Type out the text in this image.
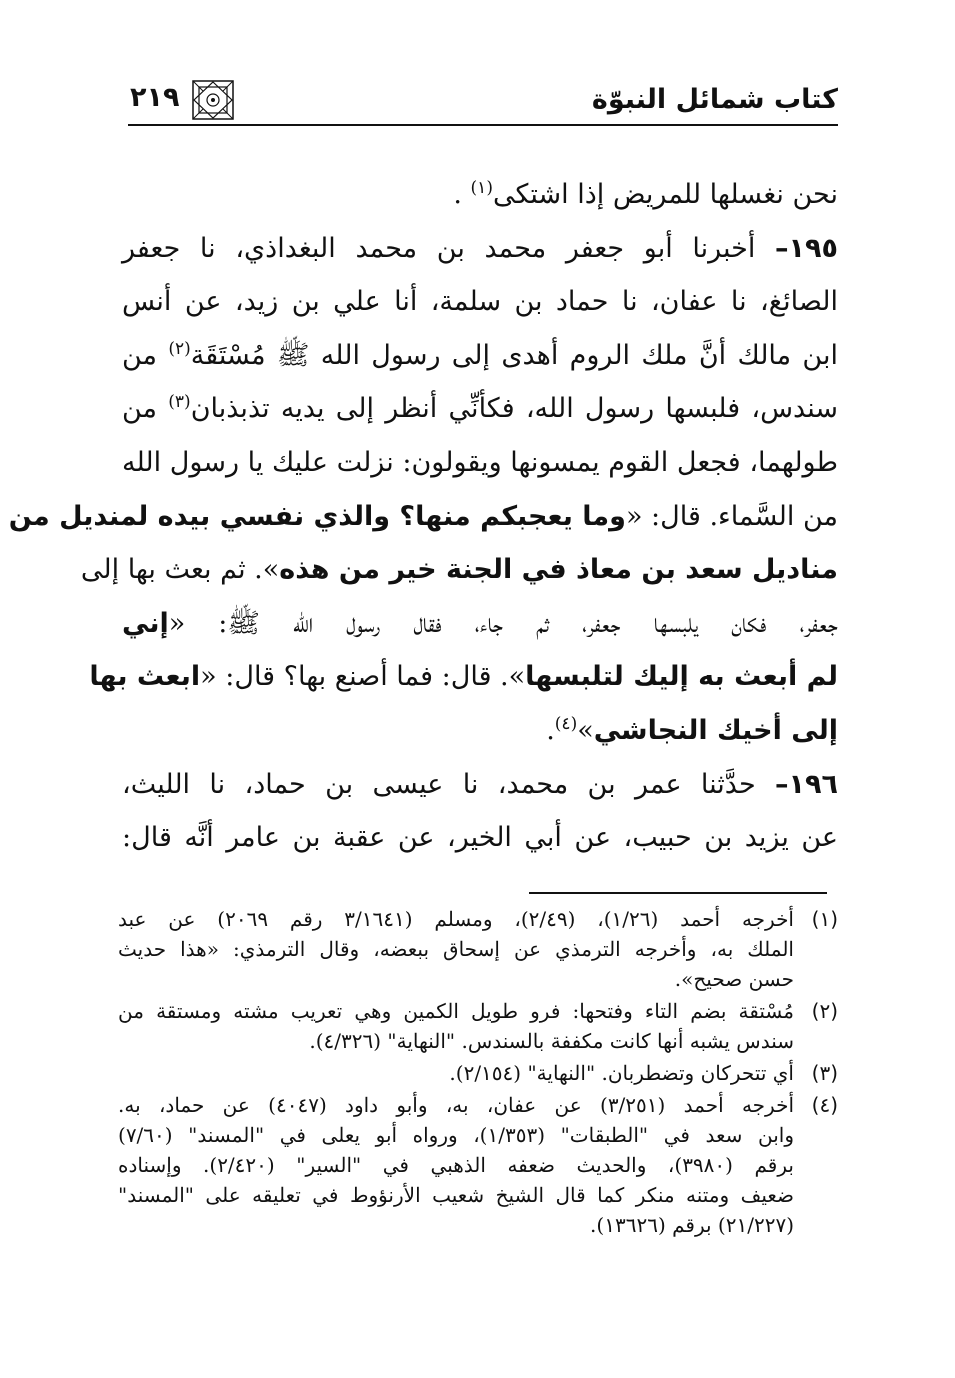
كتاب شمائل النبوّة
٢١٩
نحن نغسلها للمريض إذا اشتكى$^{(١)}$ .
١٩٥– أخبرنا أبو جعفر محمد بن محمد البغداذي، نا جعفر
الصائغ، نا عفان، نا حماد بن سلمة، أنا علي بن زيد، عن أنس
ابن مالك أنَّ ملك الروم أهدى إلى رسول الله ﷺ مُسْتَقَة$^{(٢)}$ من
سندس، فلبسها رسول الله، فكأنِّي أنظر إلى يديه تذبذبان$^{(٣)}$ من
طولهما، فجعل القوم يمسونها ويقولون: نزلت عليك يا رسول الله
من السَّماء. قال: «وما يعجبكم منها؟ والذي نفسي بيده لمنديل من
مناديل سعد بن معاذ في الجنة خير من هذه». ثم بعث بها إلى
جعفر، فكان يلبسها جعفر، ثم جاء، فقال رسول الله ﷺ: «إني
لم أبعث به إليك لتلبسها». قال: فما أصنع بها؟ قال: «ابعث بها
إلى أخيك النجاشي»$^{(٤)}$.
١٩٦– حدَّثنا عمر بن محمد، نا عيسى بن حماد، نا الليث،
عن يزيد بن حبيب، عن أبي الخير، عن عقبة بن عامر أنَّه قال:
(١)
أخرجه أحمد (١/٢٦)، (٢/٤٩)، ومسلم (٣/١٦٤١ رقم ٢٠٦٩) عن عبد
الملك به، وأخرجه الترمذي عن إسحاق ببعضه، وقال الترمذي: «هذا حديث
حسن صحيح».
(٢)
مُسْتقة بضم التاء وفتحها: فرو طويل الكمين وهي تعريب مشته ومستقة من
سندس يشبه أنها كانت مكففة بالسندس. "النهاية" (٤/٣٢٦).
(٣)
أي تتحركان وتضطربان. "النهاية" (٢/١٥٤).
(٤)
أخرجه أحمد (٣/٢٥١) عن عفان، به، وأبو داود (٤٠٤٧) عن حماد، به.
وابن سعد في "الطبقات" (١/٣٥٣)، ورواه أبو يعلى في "المسند" (٧/٦٠)
برقم (٣٩٨٠)، والحديث ضعفه الذهبي في "السير" (٢/٤٢٠). وإسناده
ضعيف ومتنه منكر كما قال الشيخ شعيب الأرنؤوط في تعليقه على "المسند"
(٢١/٢٢٧) برقم (١٣٦٢٦).
